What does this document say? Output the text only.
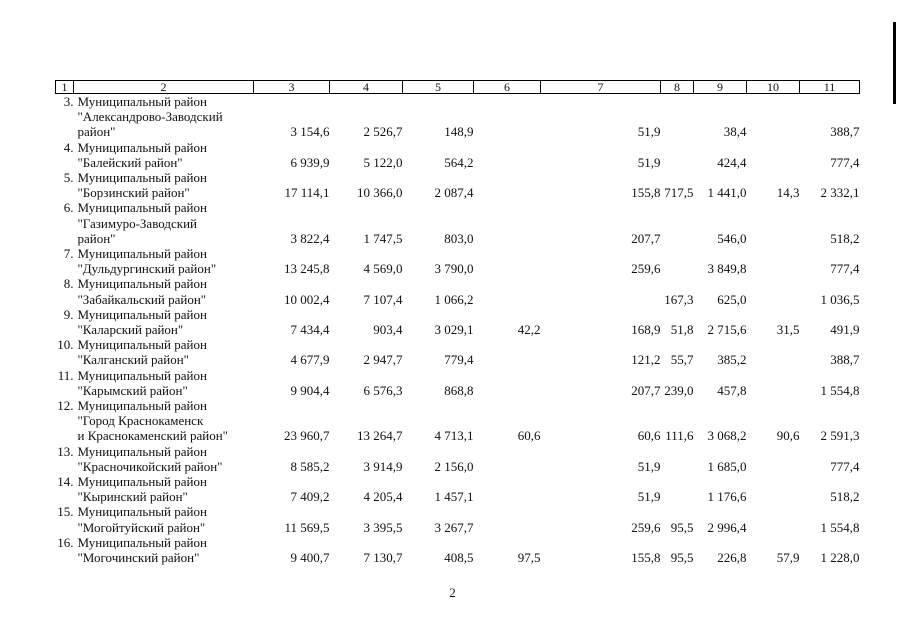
1	2	3	4	5	6	7	8	9	10	11

3. Муниципальный район
"Александрово-Заводский
район"		3 154,6	2 526,7	148,9		51,9		38,4		388,7

4. Муниципальный район
"Балейский район"		6 939,9	5 122,0	564,2		51,9		424,4		777,4

5. Муниципальный район
"Борзинский район"		17 114,1	10 366,0	2 087,4		155,8	717,5	1 441,0	14,3	2 332,1

6. Муниципальный район
"Газимуро-Заводский
район"		3 822,4	1 747,5	803,0		207,7		546,0		518,2

7. Муниципальный район
"Дульдургинский район"		13 245,8	4 569,0	3 790,0		259,6		3 849,8		777,4

8. Муниципальный район
"Забайкальский район"		10 002,4	7 107,4	1 066,2			167,3	625,0		1 036,5

9. Муниципальный район
"Каларский район"		7 434,4	903,4	3 029,1	42,2	168,9	51,8	2 715,6	31,5	491,9

10. Муниципальный район
"Калганский район"		4 677,9	2 947,7	779,4		121,2	55,7	385,2		388,7

11. Муниципальный район
"Карымский район"		9 904,4	6 576,3	868,8		207,7	239,0	457,8		1 554,8

12. Муниципальный район
"Город Краснокаменск
и Краснокаменский район"		23 960,7	13 264,7	4 713,1	60,6	60,6	111,6	3 068,2	90,6	2 591,3

13. Муниципальный район
"Красночикойский район"		8 585,2	3 914,9	2 156,0		51,9		1 685,0		777,4

14. Муниципальный район
"Кыринский район"		7 409,2	4 205,4	1 457,1		51,9		1 176,6		518,2

15. Муниципальный район
"Могойтуйский район"		11 569,5	3 395,5	3 267,7		259,6	95,5	2 996,4		1 554,8

16. Муниципальный район
"Могочинский район"		9 400,7	7 130,7	408,5	97,5	155,8	95,5	226,8	57,9	1 228,0
2
